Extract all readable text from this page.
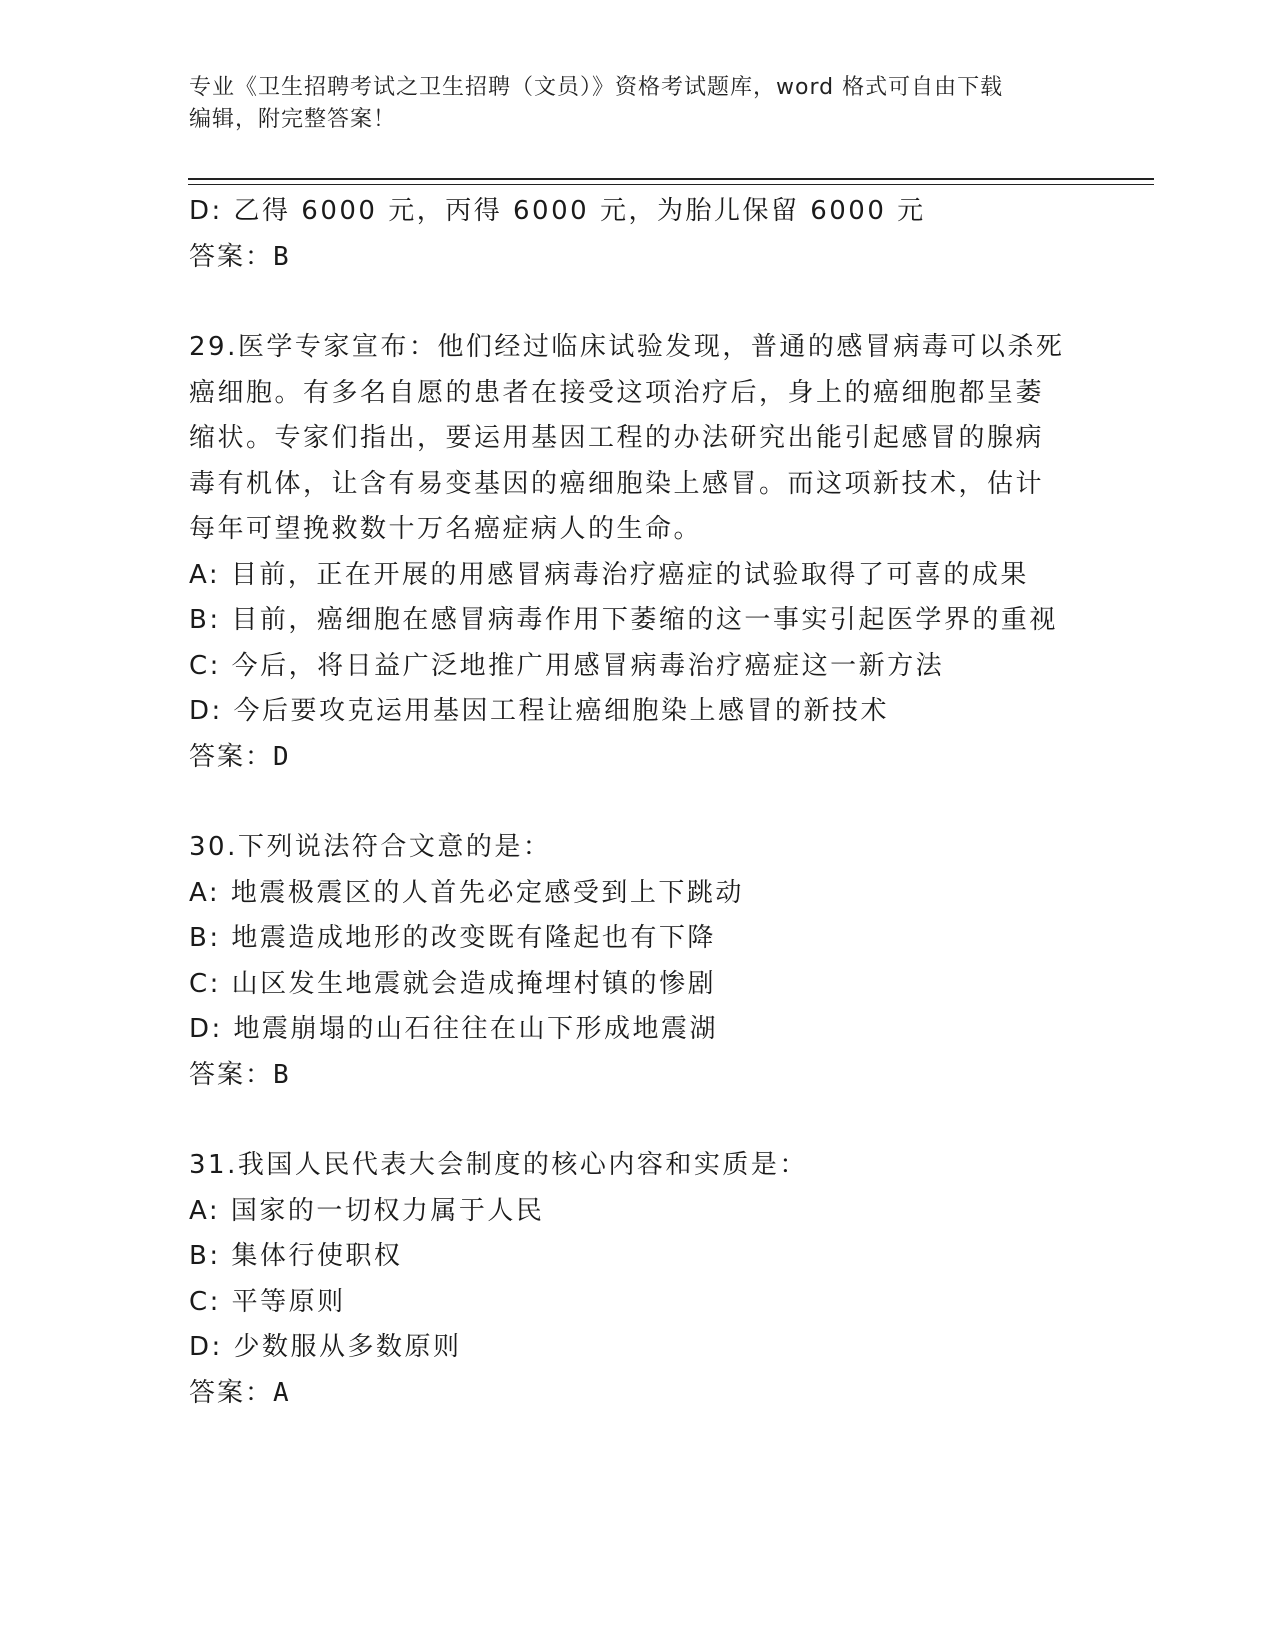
专业《卫生招聘考试之卫生招聘（文员）》资格考试题库，word 格式可自由下载
编辑，附完整答案！
D: 乙得 6000 元，丙得 6000 元，为胎儿保留 6000 元
答案：B
29.医学专家宣布：他们经过临床试验发现，普通的感冒病毒可以杀死
癌细胞。有多名自愿的患者在接受这项治疗后，身上的癌细胞都呈萎
缩状。专家们指出，要运用基因工程的办法研究出能引起感冒的腺病
毒有机体，让含有易变基因的癌细胞染上感冒。而这项新技术，估计
每年可望挽救数十万名癌症病人的生命。
A: 目前，正在开展的用感冒病毒治疗癌症的试验取得了可喜的成果
B: 目前，癌细胞在感冒病毒作用下萎缩的这一事实引起医学界的重视
C: 今后，将日益广泛地推广用感冒病毒治疗癌症这一新方法
D: 今后要攻克运用基因工程让癌细胞染上感冒的新技术
答案：D
30.下列说法符合文意的是：
A: 地震极震区的人首先必定感受到上下跳动
B: 地震造成地形的改变既有隆起也有下降
C: 山区发生地震就会造成掩埋村镇的惨剧
D: 地震崩塌的山石往往在山下形成地震湖
答案：B
31.我国人民代表大会制度的核心内容和实质是：
A: 国家的一切权力属于人民
B: 集体行使职权
C: 平等原则
D: 少数服从多数原则
答案：A
